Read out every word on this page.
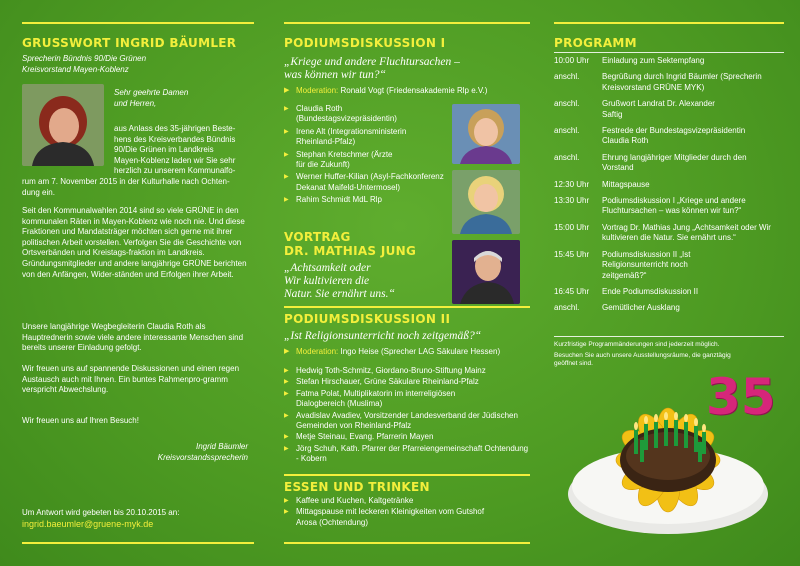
GRUSSWORT INGRID BÄUMLER
Sprecherin Bündnis 90/Die Grünen
Kreisvorstand Mayen-Koblenz
Sehr geehrte Damen
und Herren,
aus Anlass des 35-jährigen Beste-
hens des Kreisverbandes Bündnis
90/Die Grünen im Landkreis
Mayen-Koblenz laden wir Sie sehr
herzlich zu unserem Kommunalfo-
rum am 7. November 2015 in der Kulturhalle nach Ochten-
dung ein.

Seit den Kommunalwahlen 2014 sind so viele GRÜNE in den kommunalen Räten in Mayen-Koblenz wie noch nie. Und diese Fraktionen und Mandatsträger möchten sich gerne mit ihrer politischen Arbeit vorstellen. Verfolgen Sie die Geschichte von Ortsverbänden und Kreistags-fraktion im Landkreis. Gründungsmitglieder und andere langjährige GRÜNE berichten von den Anfängen, Wider-ständen und Erfolgen ihrer Arbeit.

Unsere langjährige Wegbegleiterin Claudia Roth als Hauptrednerin sowie viele andere interessante Menschen sind bereits unserer Einladung gefolgt.

Wir freuen uns auf spannende Diskussionen und einen regen Austausch auch mit Ihnen. Ein buntes Rahmenpro-gramm verspricht Abwechslung.

Wir freuen uns auf Ihren Besuch!

Ingrid Bäumler
Kreisvorstandssprecherin
Um Antwort wird gebeten bis 20.10.2015 an:
ingrid.baeumler@gruene-myk.de
PODIUMSDISKUSSION I
„Kriege und andere Fluchtursachen –
was können wir tun?“
▶ Moderation: Ronald Vogt (Friedensakademie Rlp e.V.)
▶ Claudia Roth (Bundestagsvizepräsidentin)
▶ Irene Alt (Integrationsministerin Rheinland-Pfalz)
▶ Stephan Kretschmer (Ärzte für die Zukunft)
▶ Werner Huffer-Kilian (Asyl-Fachkonferenz Dekanat Maifeld-Untermosel)
▶ Rahim Schmidt MdL Rlp
VORTRAG
DR. MATHIAS JUNG
„Achtsamkeit oder
Wir kultivieren die
Natur. Sie ernährt uns.“
PODIUMSDISKUSSION II
„Ist Religionsunterricht noch zeitgemäß?“
▶ Moderation: Ingo Heise (Sprecher LAG Säkulare Hessen)
▶ Hedwig Toth-Schmitz, Giordano-Bruno-Stiftung Mainz
▶ Stefan Hirschauer, Grüne Säkulare Rheinland-Pfalz
▶ Fatma Polat, Multiplikatorin im interreligiösen Dialogbereich (Muslima)
▶ Avadislav Avadiev, Vorsitzender Landesverband der Jüdischen Gemeinden von Rheinland-Pfalz
▶ Metje Steinau, Evang. Pfarrerin Mayen
▶ Jörg Schuh, Kath. Pfarrer der Pfarreiengemeinschaft Ochtendung - Kobern
ESSEN UND TRINKEN
▶ Kaffee und Kuchen, Kaltgetränke
▶ Mittagspause mit leckeren Kleinigkeiten vom Gutshof Arosa (Ochtendung)
PROGRAMM
10:00 Uhr	Einladung zum Sektempfang
anschl.	Begrüßung durch Ingrid Bäumler (Sprecherin Kreisvorstand GRÜNE MYK)
anschl.	Grußwort Landrat Dr. Alexander Saftig
anschl.	Festrede der Bundestagsvizepräsidentin Claudia Roth
anschl.	Ehrung langjähriger Mitglieder durch den Vorstand
12:30 Uhr	Mittagspause
13:30 Uhr	Podiumsdiskussion I „Kriege und andere Fluchtursachen – was können wir tun?“
15:00 Uhr	Vortrag Dr. Mathias Jung „Achtsamkeit oder Wir kultivieren die Natur. Sie ernährt uns.“
15:45 Uhr	Podiumsdiskussion II „Ist Religionsunterricht noch zeitgemäß?“
16:45 Uhr	Ende Podiumsdiskussion II
anschl.	Gemütlicher Ausklang
Kurzfristige Programmänderungen sind jederzeit möglich.
Besuchen Sie auch unsere Ausstellungsräume, die ganztägig geöffnet sind.
35
